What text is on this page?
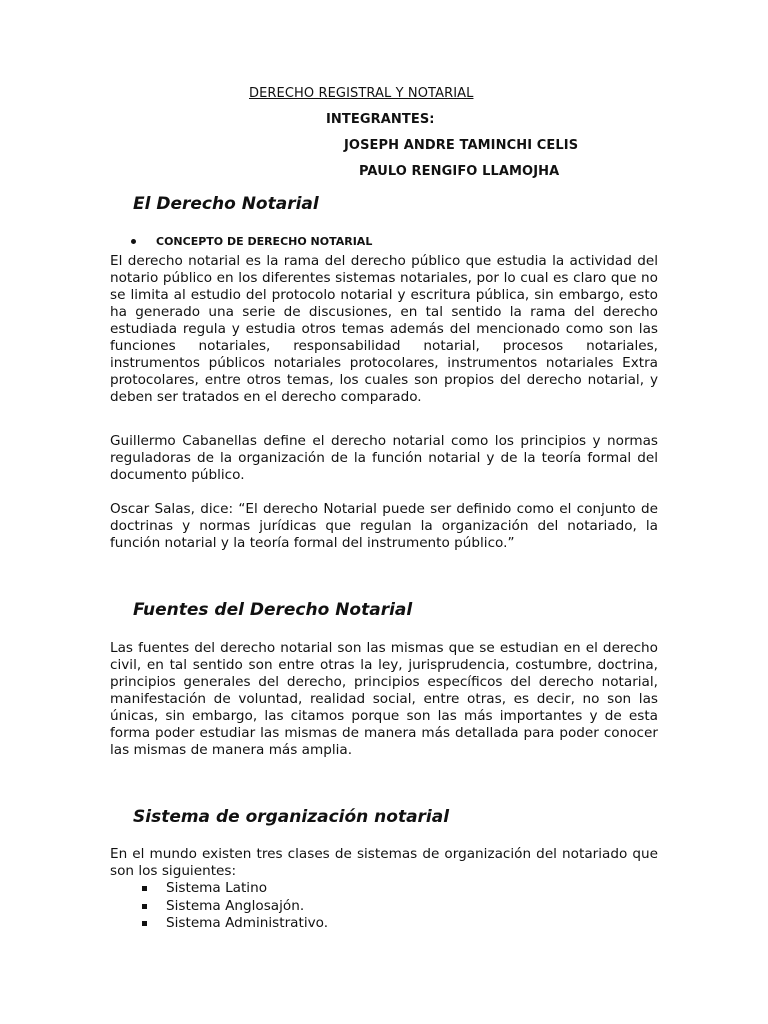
DERECHO REGISTRAL Y NOTARIAL
INTEGRANTES:
JOSEPH ANDRE TAMINCHI CELIS
PAULO RENGIFO LLAMOJHA
El Derecho Notarial
CONCEPTO DE DERECHO NOTARIAL

El derecho notarial es la rama del derecho público que estudia la actividad del notario público en los diferentes sistemas notariales, por lo cual es claro que no se limita al estudio del protocolo notarial y escritura pública, sin embargo, esto ha generado una serie de discusiones, en tal sentido la rama del derecho estudiada regula y estudia otros temas además del mencionado como son las funciones notariales, responsabilidad notarial, procesos notariales, instrumentos públicos notariales protocolares, instrumentos notariales Extra protocolares, entre otros temas, los cuales son propios del derecho notarial, y deben ser tratados en el derecho comparado.

Guillermo Cabanellas define el derecho notarial como los principios y normas reguladoras de la organización de la función notarial y de la teoría formal del documento público.

Oscar Salas, dice: “El derecho Notarial puede ser definido como el conjunto de doctrinas y normas jurídicas que regulan la organización del notariado, la función notarial y la teoría formal del instrumento público.”

Fuentes del Derecho Notarial

Las fuentes del derecho notarial son las mismas que se estudian en el derecho civil, en tal sentido son entre otras la ley, jurisprudencia, costumbre, doctrina, principios generales del derecho, principios específicos del derecho notarial, manifestación de voluntad, realidad social, entre otras, es decir, no son las únicas, sin embargo, las citamos porque son las más importantes y de esta forma poder estudiar las mismas de manera más detallada para poder conocer las mismas de manera más amplia.

Sistema de organización notarial

En el mundo existen tres clases de sistemas de organización del notariado que son los siguientes:

Sistema Latino
Sistema Anglosajón.
Sistema Administrativo.
